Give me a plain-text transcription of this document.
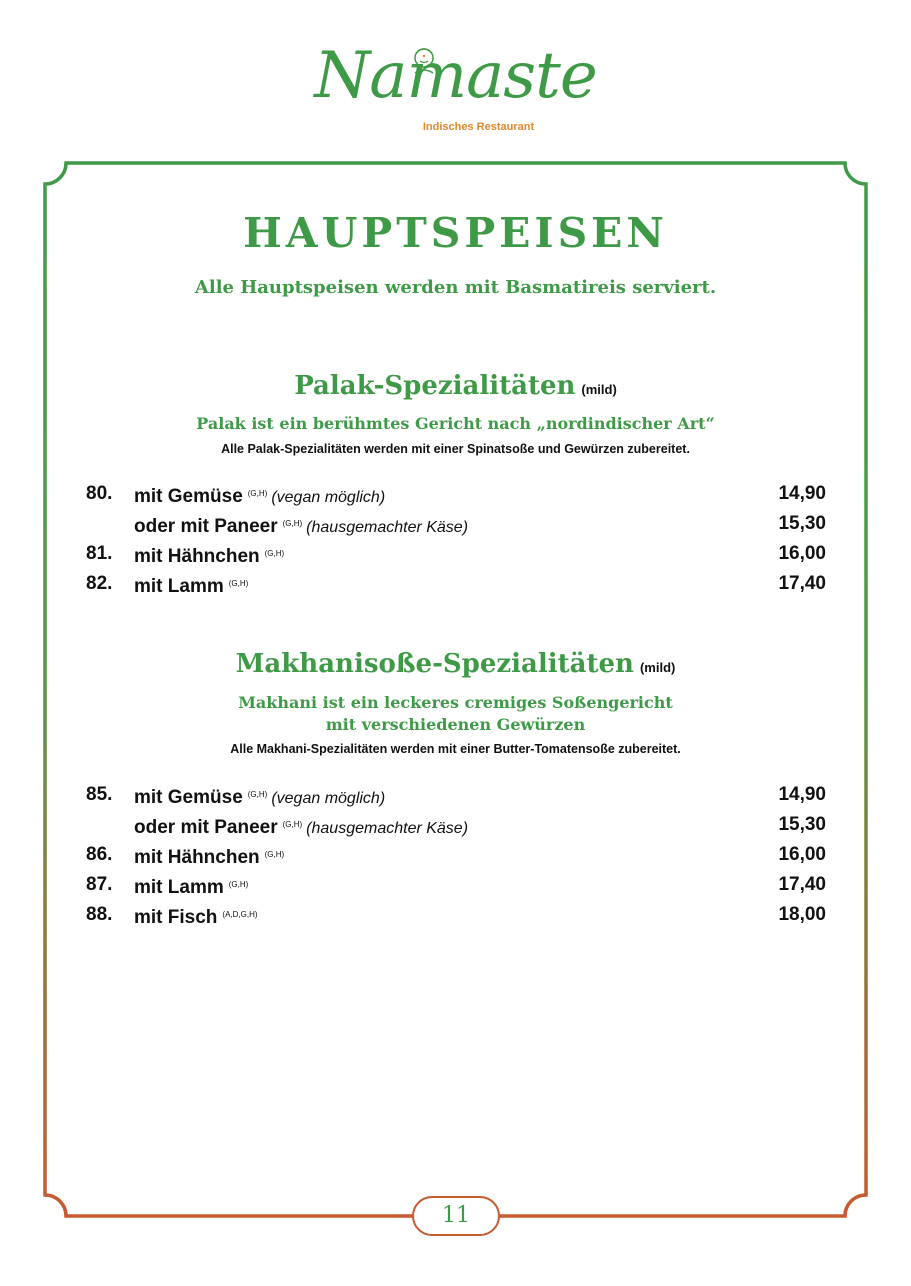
Namaste
Indisches Restaurant
HAUPTSPEISEN
Alle Hauptspeisen werden mit Basmatireis serviert.
Palak-Spezialitäten (mild)
Palak ist ein berühmtes Gericht nach „nordindischer Art“
Alle Palak-Spezialitäten werden mit einer Spinatsoße und Gewürzen zubereitet.
80. mit Gemüse $^{(G,H)}$ (vegan möglich)	14,90
oder mit Paneer $^{(G,H)}$ (hausgemachter Käse)	15,30
81. mit Hähnchen $^{(G,H)}$	16,00
82. mit Lamm $^{(G,H)}$	17,40
Makhanisoße-Spezialitäten (mild)
Makhani ist ein leckeres cremiges Soßengericht
mit verschiedenen Gewürzen
Alle Makhani-Spezialitäten werden mit einer Butter-Tomatensoße zubereitet.
85. mit Gemüse $^{(G,H)}$ (vegan möglich)	14,90
oder mit Paneer $^{(G,H)}$ (hausgemachter Käse)	15,30
86. mit Hähnchen $^{(G,H)}$	16,00
87. mit Lamm $^{(G,H)}$	17,40
88. mit Fisch $^{(A,D,G,H)}$	18,00
11
